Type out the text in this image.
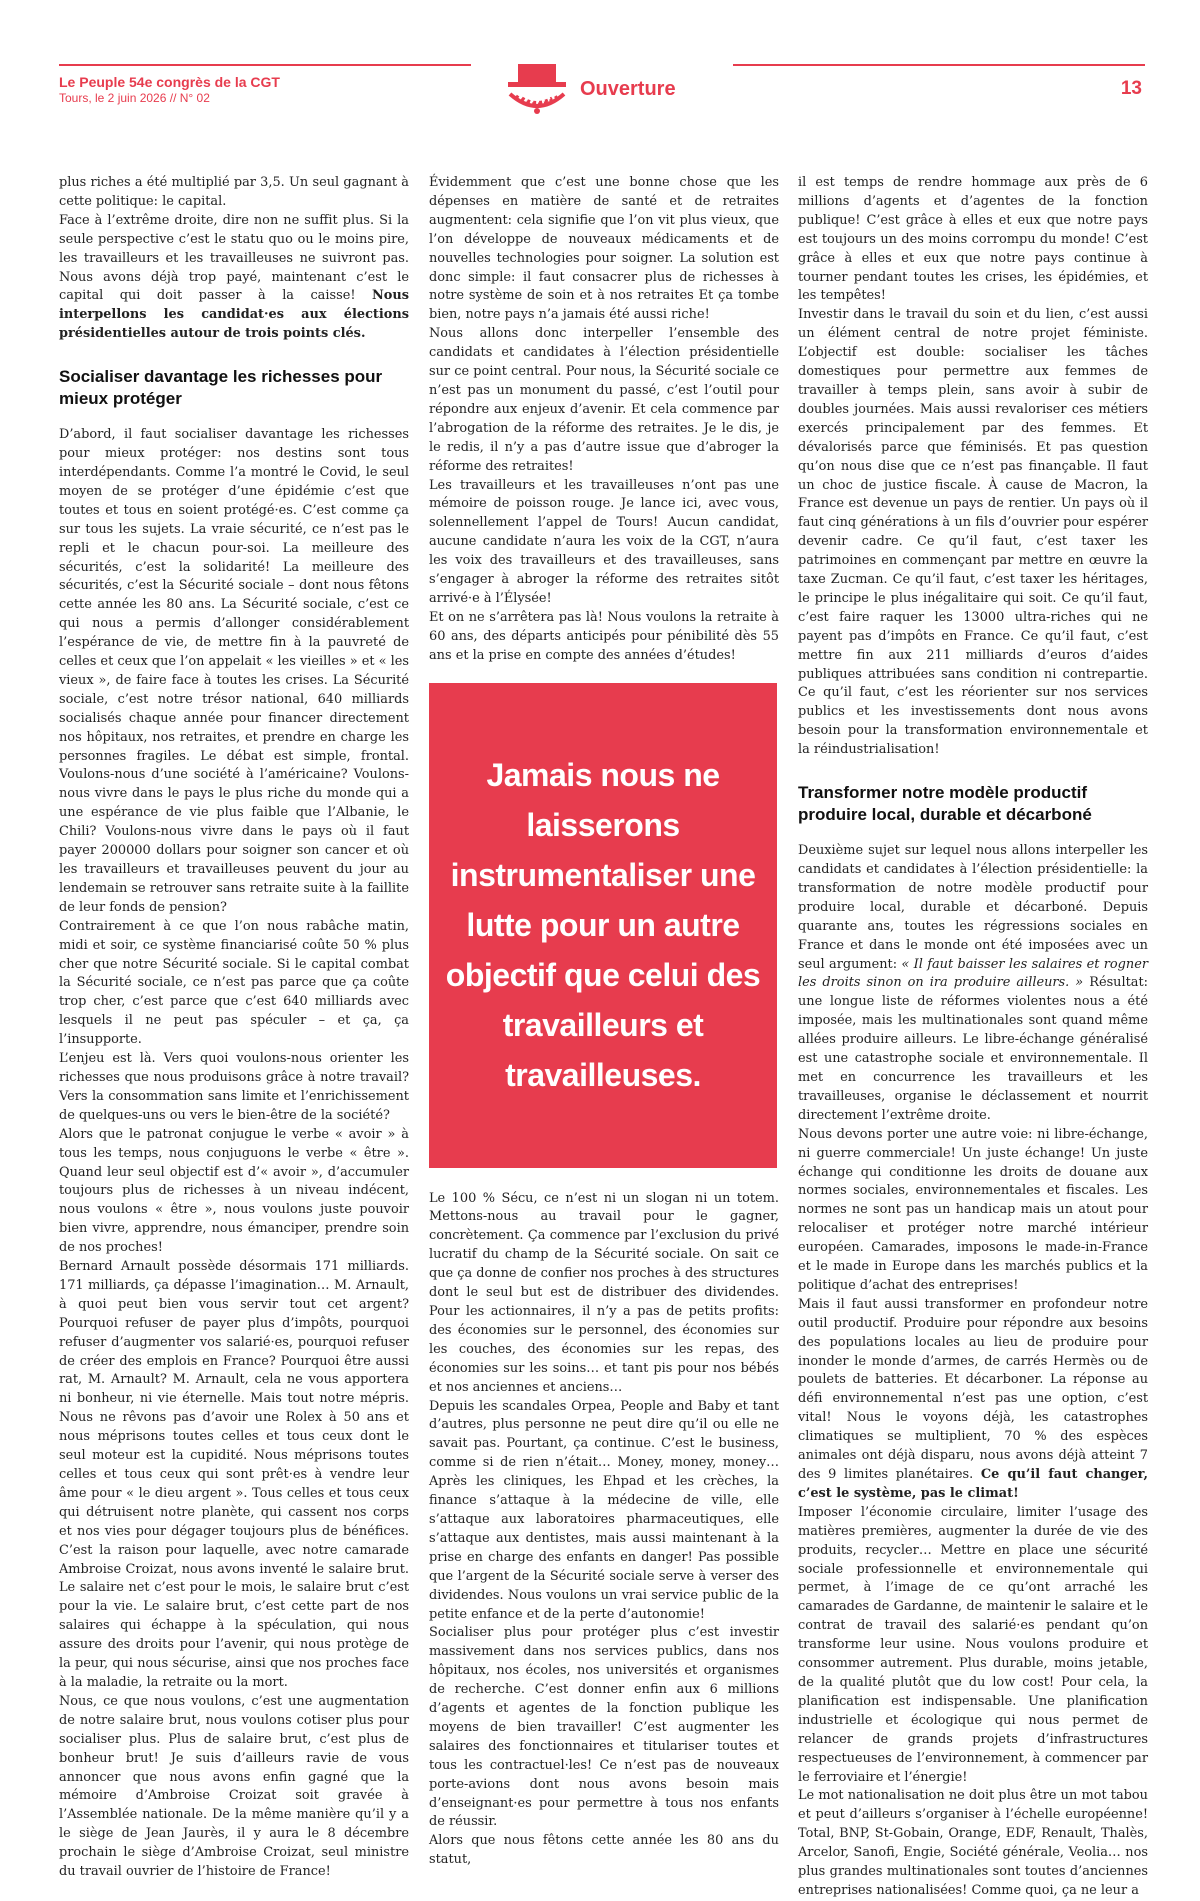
Le Peuple 54e congrès de la CGT
Tours, le 2 juin 2026 // N° 02	Ouverture	13

plus riches a été multiplié par 3,5. Un seul gagnant à cette politique: le capital.

Face à l’extrême droite, dire non ne suffit plus. Si la seule perspective c’est le statu quo ou le moins pire, les travailleurs et les travailleuses ne suivront pas. Nous avons déjà trop payé, maintenant c’est le capital qui doit passer à la caisse! Nous interpellons les candidat·es aux élections présidentielles autour de trois points clés.

Socialiser davantage les richesses pour mieux protéger

D’abord, il faut socialiser davantage les richesses pour mieux protéger: nos destins sont tous interdépendants. Comme l’a montré le Covid, le seul moyen de se protéger d’une épidémie c’est que toutes et tous en soient protégé·es. C’est comme ça sur tous les sujets. La vraie sécurité, ce n’est pas le repli et le chacun pour-soi. La meilleure des sécurités, c’est la solidarité! La meilleure des sécurités, c’est la Sécurité sociale – dont nous fêtons cette année les 80 ans. La Sécurité sociale, c’est ce qui nous a permis d’allonger considérablement l’espérance de vie, de mettre fin à la pauvreté de celles et ceux que l’on appelait « les vieilles » et « les vieux », de faire face à toutes les crises. La Sécurité sociale, c’est notre trésor national, 640 milliards socialisés chaque année pour financer directement nos hôpitaux, nos retraites, et prendre en charge les personnes fragiles. Le débat est simple, frontal. Voulons-nous d’une société à l’américaine? Voulons-nous vivre dans le pays le plus riche du monde qui a une espérance de vie plus faible que l’Albanie, le Chili? Voulons-nous vivre dans le pays où il faut payer 200000 dollars pour soigner son cancer et où les travailleurs et travailleuses peuvent du jour au lendemain se retrouver sans retraite suite à la faillite de leur fonds de pension?

Contrairement à ce que l’on nous rabâche matin, midi et soir, ce système financiarisé coûte 50 % plus cher que notre Sécurité sociale. Si le capital combat la Sécurité sociale, ce n’est pas parce que ça coûte trop cher, c’est parce que c’est 640 milliards avec lesquels il ne peut pas spéculer – et ça, ça l’insupporte.

L’enjeu est là. Vers quoi voulons-nous orienter les richesses que nous produisons grâce à notre travail? Vers la consommation sans limite et l’enrichissement de quelques-uns ou vers le bien-être de la société?

Alors que le patronat conjugue le verbe « avoir » à tous les temps, nous conjuguons le verbe « être ». Quand leur seul objectif est d’« avoir », d’accumuler toujours plus de richesses à un niveau indécent, nous voulons « être », nous voulons juste pouvoir bien vivre, apprendre, nous émanciper, prendre soin de nos proches!

Bernard Arnault possède désormais 171 milliards. 171 milliards, ça dépasse l’imagination… M. Arnault, à quoi peut bien vous servir tout cet argent? Pourquoi refuser de payer plus d’impôts, pourquoi refuser d’augmenter vos salarié·es, pourquoi refuser de créer des emplois en France? Pourquoi être aussi rat, M. Arnault? M. Arnault, cela ne vous apportera ni bonheur, ni vie éternelle. Mais tout notre mépris. Nous ne rêvons pas d’avoir une Rolex à 50 ans et nous méprisons toutes celles et tous ceux dont le seul moteur est la cupidité. Nous méprisons toutes celles et tous ceux qui sont prêt·es à vendre leur âme pour « le dieu argent ». Tous celles et tous ceux qui détruisent notre planète, qui cassent nos corps et nos vies pour dégager toujours plus de bénéfices. C’est la raison pour laquelle, avec notre camarade Ambroise Croizat, nous avons inventé le salaire brut. Le salaire net c’est pour le mois, le salaire brut c’est pour la vie. Le salaire brut, c’est cette part de nos salaires qui échappe à la spéculation, qui nous assure des droits pour l’avenir, qui nous protège de la peur, qui nous sécurise, ainsi que nos proches face à la maladie, la retraite ou la mort.

Nous, ce que nous voulons, c’est une augmentation de notre salaire brut, nous voulons cotiser plus pour socialiser plus. Plus de salaire brut, c’est plus de bonheur brut! Je suis d’ailleurs ravie de vous annoncer que nous avons enfin gagné que la mémoire d’Ambroise Croizat soit gravée à l’Assemblée nationale. De la même manière qu’il y a le siège de Jean Jaurès, il y aura le 8 décembre prochain le siège d’Ambroise Croizat, seul ministre du travail ouvrier de l’histoire de France!

Évidemment que c’est une bonne chose que les dépenses en matière de santé et de retraites augmentent: cela signifie que l’on vit plus vieux, que l’on développe de nouveaux médicaments et de nouvelles technologies pour soigner. La solution est donc simple: il faut consacrer plus de richesses à notre système de soin et à nos retraites Et ça tombe bien, notre pays n’a jamais été aussi riche!

Nous allons donc interpeller l’ensemble des candidats et candidates à l’élection présidentielle sur ce point central. Pour nous, la Sécurité sociale ce n’est pas un monument du passé, c’est l’outil pour répondre aux enjeux d’avenir. Et cela commence par l’abrogation de la réforme des retraites. Je le dis, je le redis, il n’y a pas d’autre issue que d’abroger la réforme des retraites!

Les travailleurs et les travailleuses n’ont pas une mémoire de poisson rouge. Je lance ici, avec vous, solennellement l’appel de Tours! Aucun candidat, aucune candidate n’aura les voix de la CGT, n’aura les voix des travailleurs et des travailleuses, sans s’engager à abroger la réforme des retraites sitôt arrivé·e à l’Élysée!

Et on ne s’arrêtera pas là! Nous voulons la retraite à 60 ans, des départs anticipés pour pénibilité dès 55 ans et la prise en compte des années d’études!

Jamais nous ne laisserons instrumentaliser une lutte pour un autre objectif que celui des travailleurs et travailleuses.

Le 100 % Sécu, ce n’est ni un slogan ni un totem. Mettons-nous au travail pour le gagner, concrètement. Ça commence par l’exclusion du privé lucratif du champ de la Sécurité sociale. On sait ce que ça donne de confier nos proches à des structures dont le seul but est de distribuer des dividendes. Pour les actionnaires, il n’y a pas de petits profits: des économies sur le personnel, des économies sur les couches, des économies sur les repas, des économies sur les soins… et tant pis pour nos bébés et nos anciennes et anciens…

Depuis les scandales Orpea, People and Baby et tant d’autres, plus personne ne peut dire qu’il ou elle ne savait pas. Pourtant, ça continue. C’est le business, comme si de rien n’était… Money, money, money… Après les cliniques, les Ehpad et les crèches, la finance s’attaque à la médecine de ville, elle s’attaque aux laboratoires pharmaceutiques, elle s’attaque aux dentistes, mais aussi maintenant à la prise en charge des enfants en danger! Pas possible que l’argent de la Sécurité sociale serve à verser des dividendes. Nous voulons un vrai service public de la petite enfance et de la perte d’autonomie!

Socialiser plus pour protéger plus c’est investir massivement dans nos services publics, dans nos hôpitaux, nos écoles, nos universités et organismes de recherche. C’est donner enfin aux 6 millions d’agents et agentes de la fonction publique les moyens de bien travailler! C’est augmenter les salaires des fonctionnaires et titulariser toutes et tous les contractuel·les! Ce n’est pas de nouveaux porte-avions dont nous avons besoin mais d’enseignant·es pour permettre à tous nos enfants de réussir.

Alors que nous fêtons cette année les 80 ans du statut,

il est temps de rendre hommage aux près de 6 millions d’agents et d’agentes de la fonction publique! C’est grâce à elles et eux que notre pays est toujours un des moins corrompu du monde! C’est grâce à elles et eux que notre pays continue à tourner pendant toutes les crises, les épidémies, et les tempêtes!

Investir dans le travail du soin et du lien, c’est aussi un élément central de notre projet féministe. L’objectif est double: socialiser les tâches domestiques pour permettre aux femmes de travailler à temps plein, sans avoir à subir de doubles journées. Mais aussi revaloriser ces métiers exercés principalement par des femmes. Et dévalorisés parce que féminisés. Et pas question qu’on nous dise que ce n’est pas finançable. Il faut un choc de justice fiscale. À cause de Macron, la France est devenue un pays de rentier. Un pays où il faut cinq générations à un fils d’ouvrier pour espérer devenir cadre. Ce qu’il faut, c’est taxer les patrimoines en commençant par mettre en œuvre la taxe Zucman. Ce qu’il faut, c’est taxer les héritages, le principe le plus inégalitaire qui soit. Ce qu’il faut, c’est faire raquer les 13000 ultra-riches qui ne payent pas d’impôts en France. Ce qu’il faut, c’est mettre fin aux 211 milliards d’euros d’aides publiques attribuées sans condition ni contrepartie. Ce qu’il faut, c’est les réorienter sur nos services publics et les investissements dont nous avons besoin pour la transformation environnementale et la réindustrialisation!

Transformer notre modèle productif produire local, durable et décarboné

Deuxième sujet sur lequel nous allons interpeller les candidats et candidates à l’élection présidentielle: la transformation de notre modèle productif pour produire local, durable et décarboné. Depuis quarante ans, toutes les régressions sociales en France et dans le monde ont été imposées avec un seul argument: « Il faut baisser les salaires et rogner les droits sinon on ira produire ailleurs. » Résultat: une longue liste de réformes violentes nous a été imposée, mais les multinationales sont quand même allées produire ailleurs. Le libre-échange généralisé est une catastrophe sociale et environnementale. Il met en concurrence les travailleurs et les travailleuses, organise le déclassement et nourrit directement l’extrême droite.

Nous devons porter une autre voie: ni libre-échange, ni guerre commerciale! Un juste échange! Un juste échange qui conditionne les droits de douane aux normes sociales, environnementales et fiscales. Les normes ne sont pas un handicap mais un atout pour relocaliser et protéger notre marché intérieur européen. Camarades, imposons le made-in-France et le made in Europe dans les marchés publics et la politique d’achat des entreprises!

Mais il faut aussi transformer en profondeur notre outil productif. Produire pour répondre aux besoins des populations locales au lieu de produire pour inonder le monde d’armes, de carrés Hermès ou de poulets de batteries. Et décarboner. La réponse au défi environnemental n’est pas une option, c’est vital! Nous le voyons déjà, les catastrophes climatiques se multiplient, 70 % des espèces animales ont déjà disparu, nous avons déjà atteint 7 des 9 limites planétaires. Ce qu’il faut changer, c’est le système, pas le climat!

Imposer l’économie circulaire, limiter l’usage des matières premières, augmenter la durée de vie des produits, recycler… Mettre en place une sécurité sociale professionnelle et environnementale qui permet, à l’image de ce qu’ont arraché les camarades de Gardanne, de maintenir le salaire et le contrat de travail des salarié·es pendant qu’on transforme leur usine. Nous voulons produire et consommer autrement. Plus durable, moins jetable, de la qualité plutôt que du low cost! Pour cela, la planification est indispensable. Une planification industrielle et écologique qui nous permet de relancer de grands projets d’infrastructures respectueuses de l’environnement, à commencer par le ferroviaire et l’énergie!

Le mot nationalisation ne doit plus être un mot tabou et peut d’ailleurs s’organiser à l’échelle européenne! Total, BNP, St-Gobain, Orange, EDF, Renault, Thalès, Arcelor, Sanofi, Engie, Société générale, Veolia… nos plus grandes multinationales sont toutes d’anciennes entreprises nationalisées! Comme quoi, ça ne leur a
